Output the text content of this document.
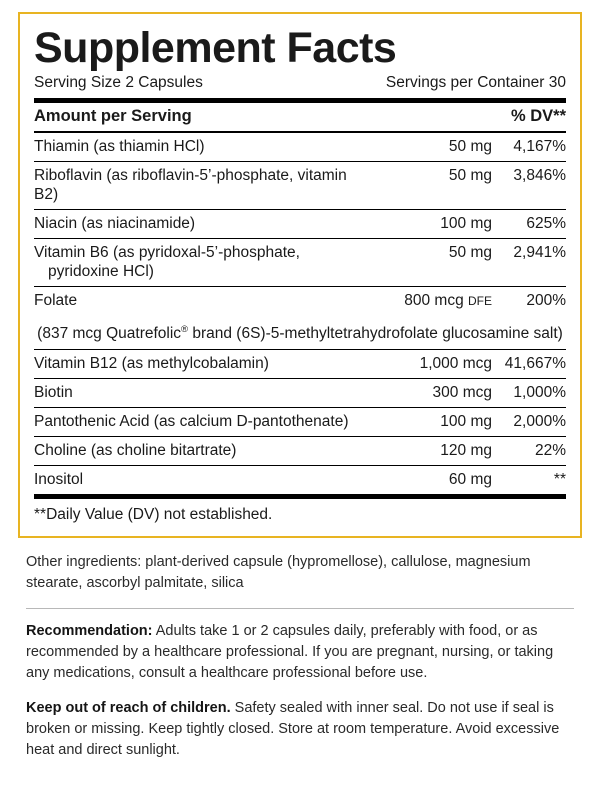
Supplement Facts
Serving Size 2 Capsules	Servings per Container 30
Amount per Serving	% DV**
Thiamin (as thiamin HCl)	50 mg	4,167%
Riboflavin (as riboflavin-5’-phosphate, vitamin B2)	50 mg	3,846%
Niacin (as niacinamide)	100 mg	625%
Vitamin B6 (as pyridoxal-5’-phosphate,
pyridoxine HCl)	50 mg	2,941%
Folate	800 mcg DFE	200%
(837 mcg Quatrefolic® brand (6S)-5-methyltetrahydrofolate glucosamine salt)		
Vitamin B12 (as methylcobalamin)	1,000 mcg	41,667%
Biotin	300 mcg	1,000%
Pantothenic Acid (as calcium D-pantothenate)	100 mg	2,000%
Choline (as choline bitartrate)	120 mg	22%
Inositol	60 mg	**
**Daily Value (DV) not established.

Other ingredients: plant-derived capsule (hypromellose), callulose, magnesium stearate, ascorbyl palmitate, silica

Recommendation: Adults take 1 or 2 capsules daily, preferably with food, or as recommended by a healthcare professional. If you are pregnant, nursing, or taking any medications, consult a healthcare professional before use.

Keep out of reach of children. Safety sealed with inner seal. Do not use if seal is broken or missing. Keep tightly closed. Store at room temperature. Avoid excessive heat and direct sunlight.
